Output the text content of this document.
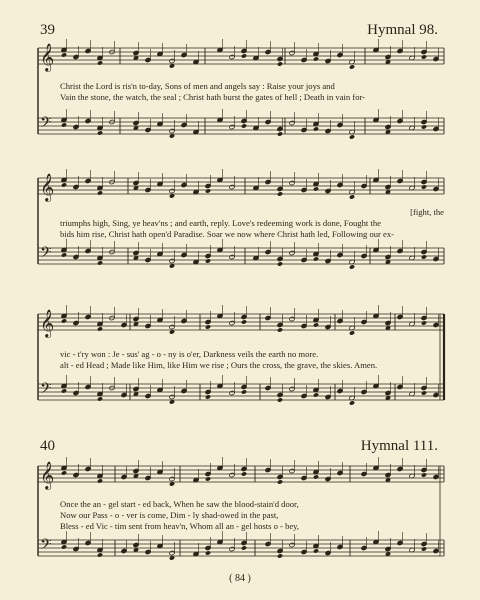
𝄞
𝄢
𝄞
𝄢
𝄞
𝄢
𝄞
𝄢
39	Hymnal 98.
Christ the Lord is ris'n to-day, Sons of men and angels say : Raise your joys and
Vain the stone, the watch, the seal ; Christ hath burst the gates of hell ; Death in vain for-
[fight, the
triumphs high, Sing, ye heav'ns ; and earth, reply. Love's redeeming work is done, Fought the
bids him rise, Christ hath open'd Paradise. Soar we now where Christ hath led, Following our ex-
vic - t'ry won : Je - sus' ag - o - ny is o'er, Darkness veils the earth no more.
alt - ed Head ; Made like Him, like Him we rise ; Ours the cross, the grave, the skies. Amen.
40	Hymnal 111.
Once the an - gel start - ed back, When he saw the blood-stain'd door,
Now our Pass - o - ver is come, Dim - ly shad-owed in the past,
Bless - ed Vic - tim sent from heav'n, Whom all an - gel hosts o - bey,
( 84 )
